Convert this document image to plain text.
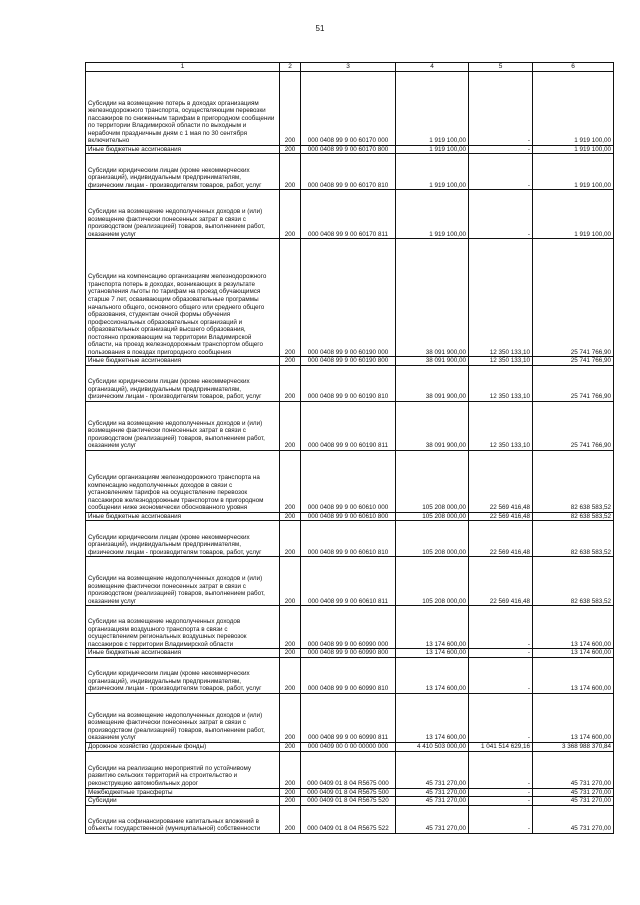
51
1	2	3	4	5	6
Субсидии на возмещение потерь в доходах организациям железнодорожного транспорта, осуществляющим перевозки пассажиров по сниженным тарифам в пригородном сообщении по территории Владимирской области по выходным и нерабочим праздничным дням с 1 мая по 30 сентября включительно	200	000 0408 99 9 00 60170 000	1 919 100,00	-	1 919 100,00
Иные бюджетные ассигнования	200	000 0408 99 9 00 60170 800	1 919 100,00	-	1 919 100,00
Субсидии юридическим лицам (кроме некоммерческих организаций), индивидуальным предпринимателям, физическим лицам - производителям товаров, работ, услуг	200	000 0408 99 9 00 60170 810	1 919 100,00	-	1 919 100,00
Субсидии на возмещение недополученных доходов и (или) возмещение фактически понесенных затрат в связи с производством (реализацией) товаров, выполнением работ, оказанием услуг	200	000 0408 99 9 00 60170 811	1 919 100,00	-	1 919 100,00
Субсидии на компенсацию организациям железнодорожного транспорта потерь в доходах, возникающих в результате установления льготы по тарифам на проезд обучающимся старше 7 лет, осваивающим образовательные программы начального общего, основного общего или среднего общего образования, студентам очной формы обучения профессиональных образовательных организаций и образовательных организаций высшего образования, постоянно проживающим на территории Владимирской области, на проезд железнодорожным транспортом общего пользования в поездах пригородного сообщения	200	000 0408 99 9 00 60190 000	38 091 900,00	12 350 133,10	25 741 766,90
Иные бюджетные ассигнования	200	000 0408 99 9 00 60190 800	38 091 900,00	12 350 133,10	25 741 766,90
Субсидии юридическим лицам (кроме некоммерческих организаций), индивидуальным предпринимателям, физическим лицам - производителям товаров, работ, услуг	200	000 0408 99 9 00 60190 810	38 091 900,00	12 350 133,10	25 741 766,90
Субсидии на возмещение недополученных доходов и (или) возмещение фактически понесенных затрат в связи с производством (реализацией) товаров, выполнением работ, оказанием услуг	200	000 0408 99 9 00 60190 811	38 091 900,00	12 350 133,10	25 741 766,90
Субсидии организациям железнодорожного транспорта на компенсацию недополученных доходов в связи с установлением тарифов на осуществление перевозок пассажиров железнодорожным транспортом в пригородном сообщении ниже экономически обоснованного уровня	200	000 0408 99 9 00 60610 000	105 208 000,00	22 569 416,48	82 638 583,52
Иные бюджетные ассигнования	200	000 0408 99 9 00 60610 800	105 208 000,00	22 569 416,48	82 638 583,52
Субсидии юридическим лицам (кроме некоммерческих организаций), индивидуальным предпринимателям, физическим лицам - производителям товаров, работ, услуг	200	000 0408 99 9 00 60610 810	105 208 000,00	22 569 416,48	82 638 583,52
Субсидии на возмещение недополученных доходов и (или) возмещение фактически понесенных затрат в связи с производством (реализацией) товаров, выполнением работ, оказанием услуг	200	000 0408 99 9 00 60610 811	105 208 000,00	22 569 416,48	82 638 583,52
Субсидии на возмещение недополученных доходов организациям воздушного транспорта в связи с осуществлением региональных воздушных перевозок пассажиров с территории Владимирской области	200	000 0408 99 9 00 60990 000	13 174 600,00	-	13 174 600,00
Иные бюджетные ассигнования	200	000 0408 99 9 00 60990 800	13 174 600,00	-	13 174 600,00
Субсидии юридическим лицам (кроме некоммерческих организаций), индивидуальным предпринимателям, физическим лицам - производителям товаров, работ, услуг	200	000 0408 99 9 00 60990 810	13 174 600,00	-	13 174 600,00
Субсидии на возмещение недополученных доходов и (или) возмещение фактически понесенных затрат в связи с производством (реализацией) товаров, выполнением работ, оказанием услуг	200	000 0408 99 9 00 60990 811	13 174 600,00	-	13 174 600,00
Дорожное хозяйство (дорожные фонды)	200	000 0409 00 0 00 00000 000	4 410 503 000,00	1 041 514 629,16	3 368 988 370,84
Субсидии на реализацию мероприятий по устойчивому развитию сельских территорий на строительство и реконструкцию автомобильных дорог	200	000 0409 01 8 04 R5675 000	45 731 270,00	-	45 731 270,00
Межбюджетные трансферты	200	000 0409 01 8 04 R5675 500	45 731 270,00	-	45 731 270,00
Субсидии	200	000 0409 01 8 04 R5675 520	45 731 270,00	-	45 731 270,00
Субсидии на софинансирование капитальных вложений в объекты государственной (муниципальной) собственности	200	000 0409 01 8 04 R5675 522	45 731 270,00	-	45 731 270,00
